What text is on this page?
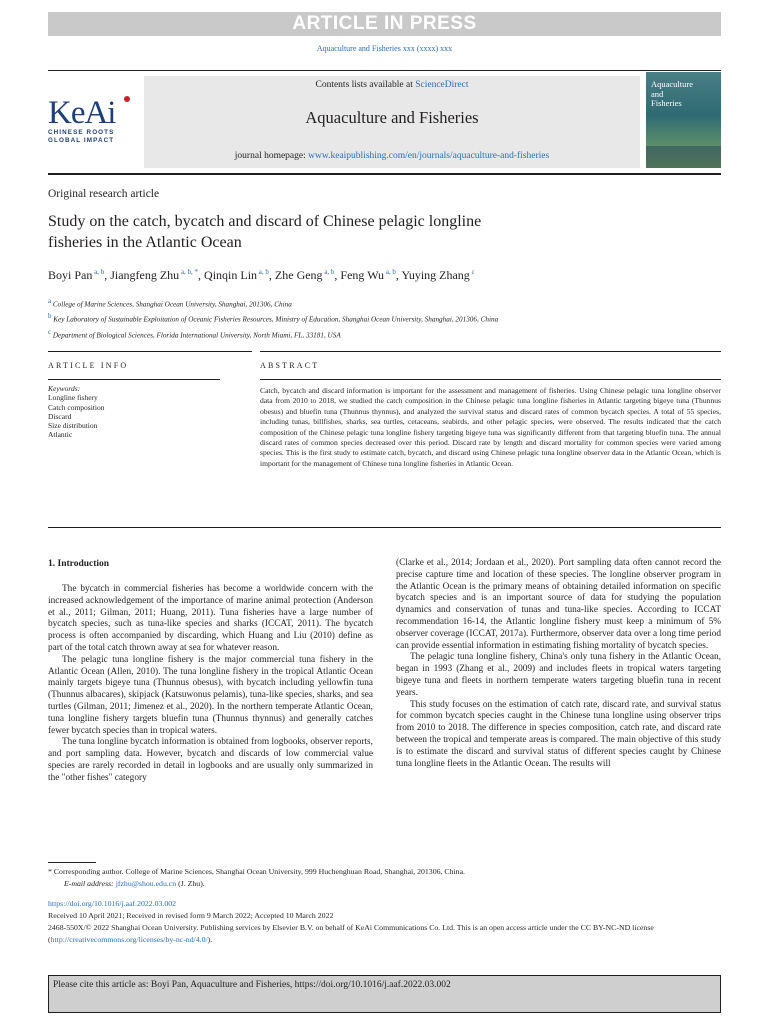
ARTICLE IN PRESS
Aquaculture and Fisheries xxx (xxxx) xxx
KeAi
CHINESE ROOTS
GLOBAL IMPACT
Contents lists available at ScienceDirect
Aquaculture and Fisheries
journal homepage: www.keaipublishing.com/en/journals/aquaculture-and-fisheries
Aquaculture
and
Fisheries
Original research article
Study on the catch, bycatch and discard of Chinese pelagic longline
fisheries in the Atlantic Ocean
Boyi Pan $^{a, b}$, Jiangfeng Zhu $^{a, b, *}$, Qinqin Lin $^{a, b}$, Zhe Geng $^{a, b}$, Feng Wu $^{a, b}$, Yuying Zhang $^c$
$^a$ College of Marine Sciences, Shanghai Ocean University, Shanghai, 201306, China
$^b$ Key Laboratory of Sustainable Exploitation of Oceanic Fisheries Resources, Ministry of Education, Shanghai Ocean University, Shanghai, 201306, China
$^c$ Department of Biological Sciences, Florida International University, North Miami, FL, 33181, USA
ARTICLE INFO
Keywords:
Longline fishery
Catch composition
Discard
Size distribution
Atlantic
ABSTRACT
Catch, bycatch and discard information is important for the assessment and management of fisheries. Using Chinese pelagic tuna longline observer data from 2010 to 2018, we studied the catch composition in the Chinese pelagic tuna longline fisheries in Atlantic targeting bigeye tuna (Thunnus obesus) and bluefin tuna (Thunnus thynnus), and analyzed the survival status and discard rates of common bycatch species. A total of 55 species, including tunas, billfishes, sharks, sea turtles, cetaceans, seabirds, and other pelagic species, were observed. The results indicated that the catch composition of the Chinese pelagic tuna longline fishery targeting bigeye tuna was significantly different from that targeting bluefin tuna. The annual discard rates of common species decreased over this period. Discard rate by length and discard mortality for common species were varied among species. This is the first study to estimate catch, bycatch, and discard using Chinese pelagic tuna longline observer data in the Atlantic Ocean, which is important for the management of Chinese tuna longline fisheries in Atlantic Ocean.
1. Introduction

The bycatch in commercial fisheries has become a worldwide concern with the increased acknowledgement of the importance of marine animal protection (Anderson et al., 2011; Gilman, 2011; Huang, 2011). Tuna fisheries have a large number of bycatch species, such as tuna-like species and sharks (ICCAT, 2011). The bycatch process is often accompanied by discarding, which Huang and Liu (2010) define as part of the total catch thrown away at sea for whatever reason.

The pelagic tuna longline fishery is the major commercial tuna fishery in the Atlantic Ocean (Allen, 2010). The tuna longline fishery in the tropical Atlantic Ocean mainly targets bigeye tuna (Thunnus obesus), with bycatch including yellowfin tuna (Thunnus albacares), skipjack (Katsuwonus pelamis), tuna-like species, sharks, and sea turtles (Gilman, 2011; Jimenez et al., 2020). In the northern temperate Atlantic Ocean, tuna longline fishery targets bluefin tuna (Thunnus thynnus) and generally catches fewer bycatch species than in tropical waters.

The tuna longline bycatch information is obtained from logbooks, observer reports, and port sampling data. However, bycatch and discards of low commercial value species are rarely recorded in detail in logbooks and are usually only summarized in the "other fishes" category

(Clarke et al., 2014; Jordaan et al., 2020). Port sampling data often cannot record the precise capture time and location of these species. The longline observer program in the Atlantic Ocean is the primary means of obtaining detailed information on specific bycatch species and is an important source of data for studying the population dynamics and conservation of tunas and tuna-like species. According to ICCAT recommendation 16-14, the Atlantic longline fishery must keep a minimum of 5% observer coverage (ICCAT, 2017a). Furthermore, observer data over a long time period can provide essential information in estimating fishing mortality of bycatch species.

The pelagic tuna longline fishery, China's only tuna fishery in the Atlantic Ocean, began in 1993 (Zhang et al., 2009) and includes fleets in tropical waters targeting bigeye tuna and fleets in northern temperate waters targeting bluefin tuna in recent years.

This study focuses on the estimation of catch rate, discard rate, and survival status for common bycatch species caught in the Chinese tuna longline using observer trips from 2010 to 2018. The difference in species composition, catch rate, and discard rate between the tropical and temperate areas is compared. The main objective of this study is to estimate the discard and survival status of different species caught by Chinese tuna longline fleets in the Atlantic Ocean. The results will

* Corresponding author. College of Marine Sciences, Shanghai Ocean University, 999 Huchenghuan Road, Shanghai, 201306, China.
E-mail address: jfzhu@shou.edu.cn (J. Zhu).
https://doi.org/10.1016/j.aaf.2022.03.002
Received 10 April 2021; Received in revised form 9 March 2022; Accepted 10 March 2022
2468-550X/© 2022 Shanghai Ocean University. Publishing services by Elsevier B.V. on behalf of KeAi Communications Co. Ltd. This is an open access article under the CC BY-NC-ND license (http://creativecommons.org/licenses/by-nc-nd/4.0/).
Please cite this article as: Boyi Pan, Aquaculture and Fisheries, https://doi.org/10.1016/j.aaf.2022.03.002
